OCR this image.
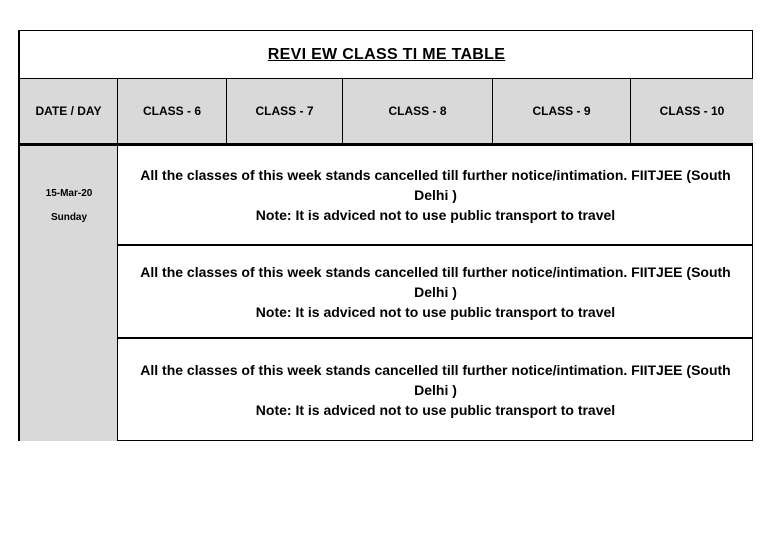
REVI EW CLASS TI ME TABLE
DATE / DAY	CLASS - 6	CLASS - 7	CLASS - 8	CLASS - 9	CLASS - 10
15-Mar-20
Sunday
All the classes of this week stands cancelled till further notice/intimation. FIITJEE (South Delhi )
Note: It is adviced not to use public transport to travel
All the classes of this week stands cancelled till further notice/intimation. FIITJEE (South Delhi )
Note: It is adviced not to use public transport to travel
All the classes of this week stands cancelled till further notice/intimation. FIITJEE (South Delhi )
Note: It is adviced not to use public transport to travel
